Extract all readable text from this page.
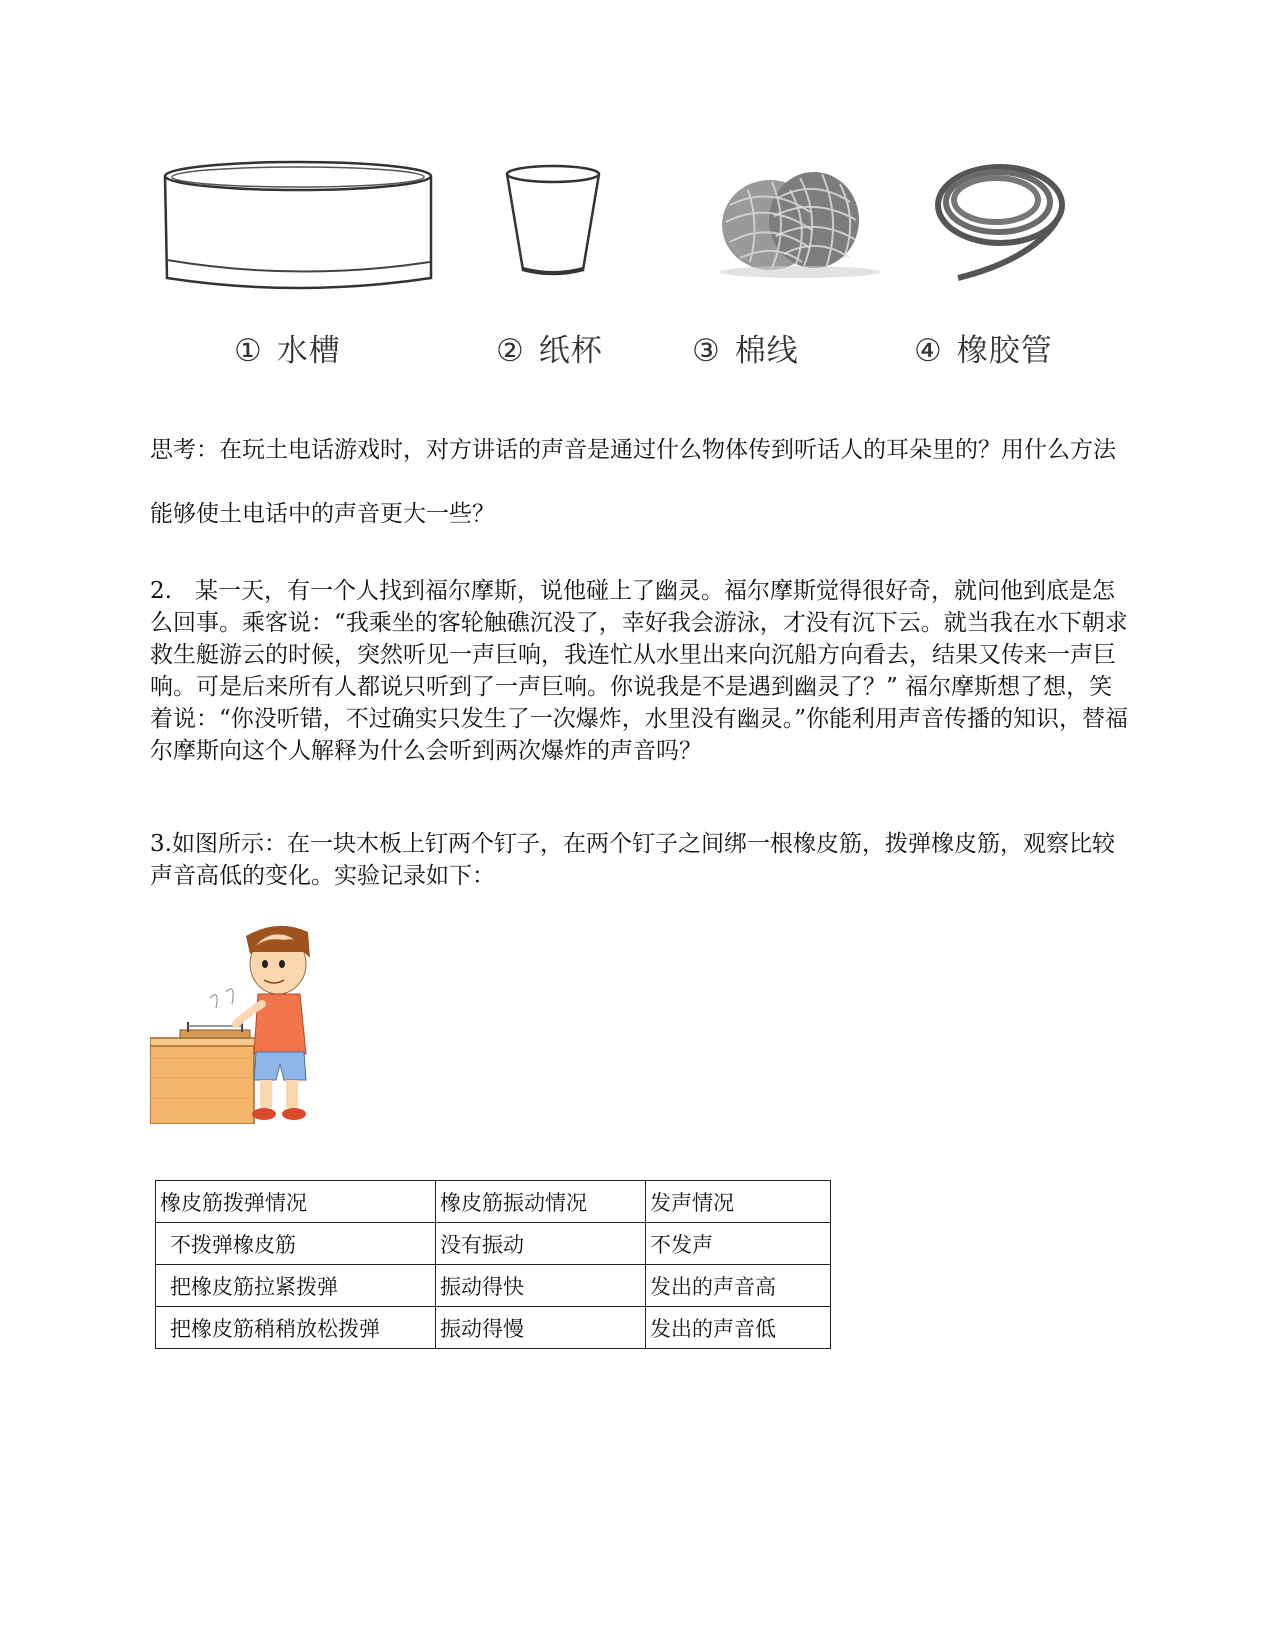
① 水槽	② 纸杯	③ 棉线	④ 橡胶管

思考：在玩土电话游戏时，对方讲话的声音是通过什么物体传到听话人的耳朵里的？用什么方法能够使土电话中的声音更大一些？

2.　某一天，有一个人找到福尔摩斯，说他碰上了幽灵。福尔摩斯觉得很好奇，就问他到底是怎么回事。乘客说：“我乘坐的客轮触礁沉没了，幸好我会游泳，才没有沉下云。就当我在水下朝求救生艇游云的时候，突然听见一声巨响，我连忙从水里出来向沉船方向看去，结果又传来一声巨响。可是后来所有人都说只听到了一声巨响。你说我是不是遇到幽灵了？” 福尔摩斯想了想，笑着说：“你没听错，不过确实只发生了一次爆炸，水里没有幽灵。”你能利用声音传播的知识，替福尔摩斯向这个人解释为什么会听到两次爆炸的声音吗？

3.如图所示：在一块木板上钉两个钉子，在两个钉子之间绑一根橡皮筋，拨弹橡皮筋，观察比较声音高低的变化。实验记录如下：

橡皮筋拨弹情况	橡皮筋振动情况	发声情况
不拨弹橡皮筋	没有振动	不发声
把橡皮筋拉紧拨弹	振动得快	发出的声音高
把橡皮筋稍稍放松拨弹	振动得慢	发出的声音低
